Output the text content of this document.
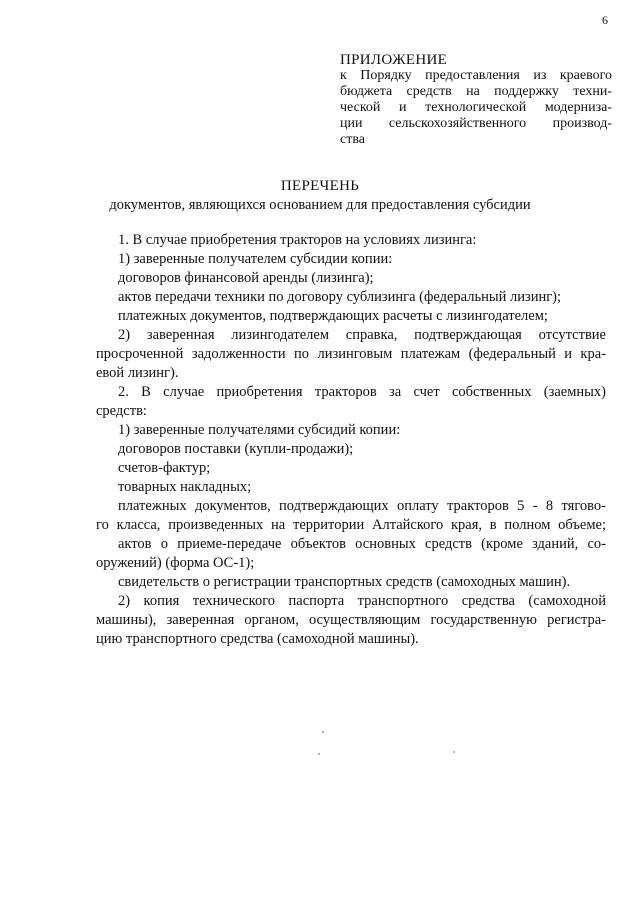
6
ПРИЛОЖЕНИЕ
к Порядку предоставления из краевого
бюджета средств на поддержку техни-
ческой и технологической модерниза-
ции сельскохозяйственного производ-
ства
ПЕРЕЧЕНЬ
документов, являющихся основанием для предоставления субсидии
1. В случае приобретения тракторов на условиях лизинга:
1) заверенные получателем субсидии копии:
договоров финансовой аренды (лизинга);
актов передачи техники по договору сублизинга (федеральный лизинг);
платежных документов, подтверждающих расчеты с лизингодателем;
2) заверенная лизингодателем справка, подтверждающая отсутствие
просроченной задолженности по лизинговым платежам (федеральный и кра-
евой лизинг).
2. В случае приобретения тракторов за счет собственных (заемных)
средств:
1) заверенные получателями субсидий копии:
договоров поставки (купли-продажи);
счетов-фактур;
товарных накладных;
платежных документов, подтверждающих оплату тракторов 5 - 8 тягово-
го класса, произведенных на территории Алтайского края, в полном объеме;
актов о приеме-передаче объектов основных средств (кроме зданий, со-
оружений) (форма ОС-1);
свидетельств о регистрации транспортных средств (самоходных машин).
2) копия технического паспорта транспортного средства (самоходной
машины), заверенная органом, осуществляющим государственную регистра-
цию транспортного средства (самоходной машины).
